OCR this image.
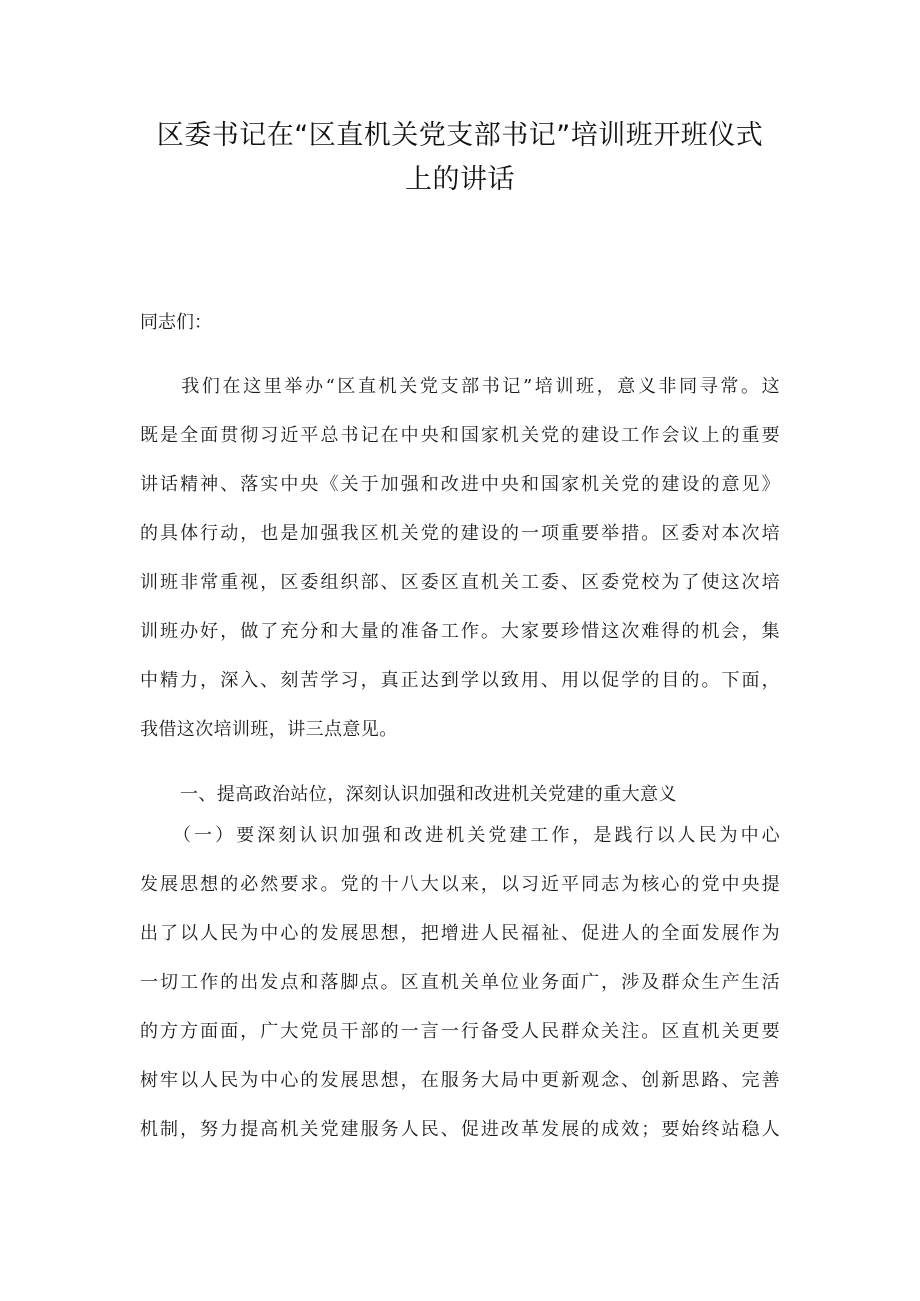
区委书记在“区直机关党支部书记”培训班开班仪式
上的讲话
同志们：
　　我们在这里举办“区直机关党支部书记”培训班，意义非同寻常。这
既是全面贯彻习近平总书记在中央和国家机关党的建设工作会议上的重要
讲话精神、落实中央《关于加强和改进中央和国家机关党的建设的意见》
的具体行动，也是加强我区机关党的建设的一项重要举措。区委对本次培
训班非常重视，区委组织部、区委区直机关工委、区委党校为了使这次培
训班办好，做了充分和大量的准备工作。大家要珍惜这次难得的机会，集
中精力，深入、刻苦学习，真正达到学以致用、用以促学的目的。下面，
我借这次培训班，讲三点意见。
一、提高政治站位，深刻认识加强和改进机关党建的重大意义
　　（一）要深刻认识加强和改进机关党建工作，是践行以人民为中心
发展思想的必然要求。党的十八大以来，以习近平同志为核心的党中央提
出了以人民为中心的发展思想，把增进人民福祉、促进人的全面发展作为
一切工作的出发点和落脚点。区直机关单位业务面广，涉及群众生产生活
的方方面面，广大党员干部的一言一行备受人民群众关注。区直机关更要
树牢以人民为中心的发展思想，在服务大局中更新观念、创新思路、完善
机制，努力提高机关党建服务人民、促进改革发展的成效；要始终站稳人
